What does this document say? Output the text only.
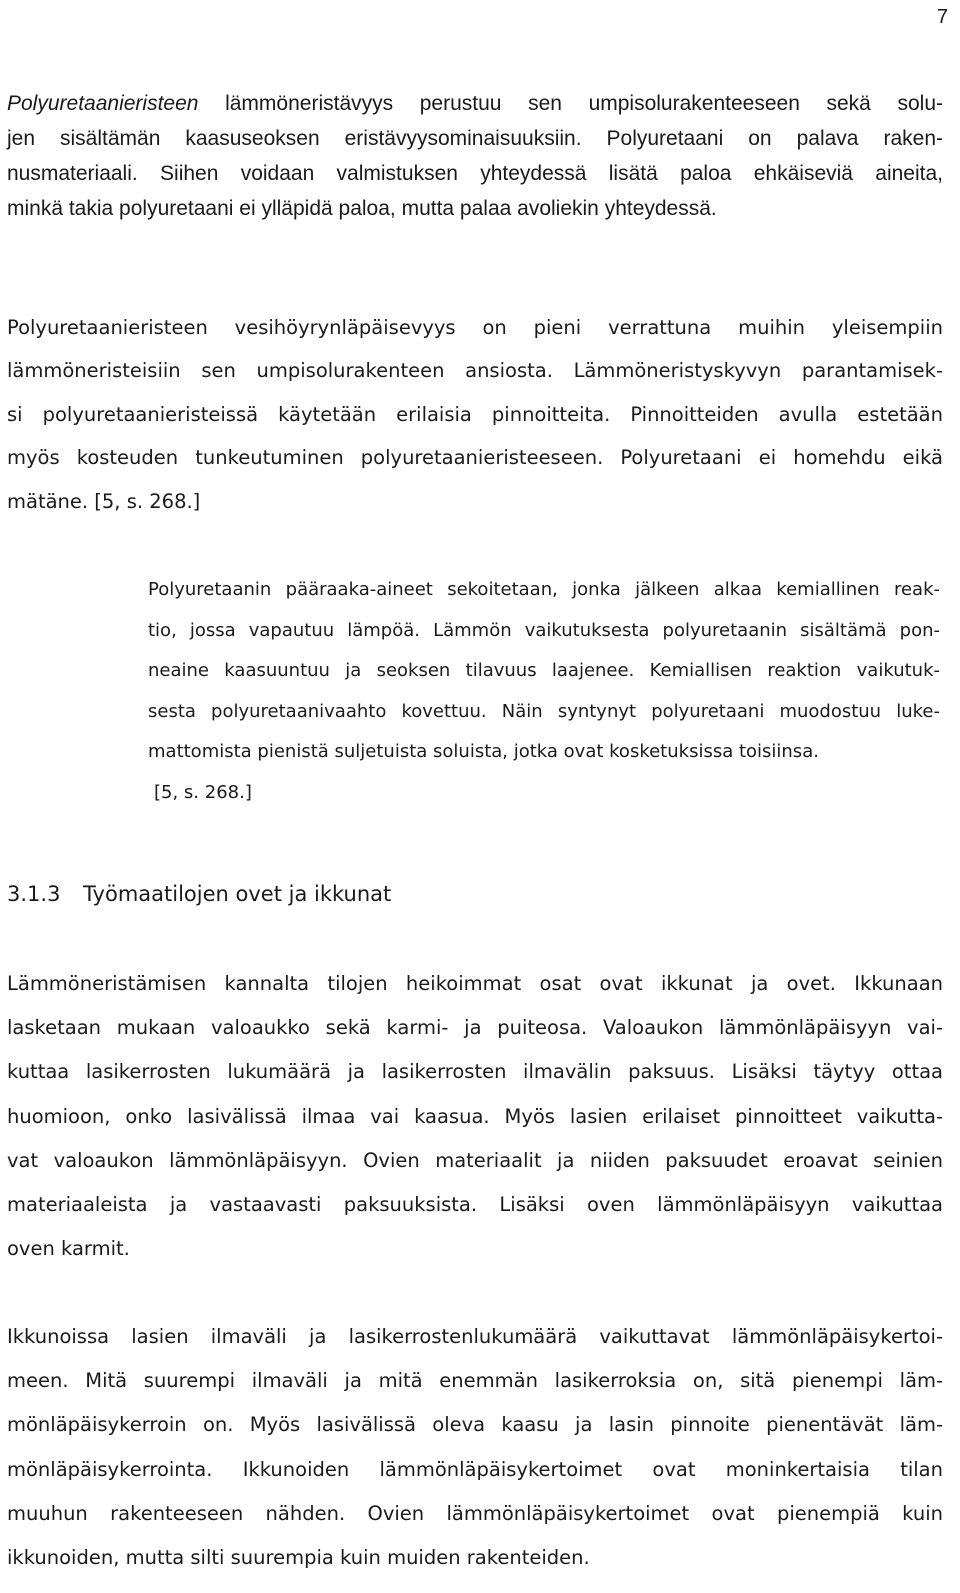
7
Polyuretaanieristeen lämmöneristävyys perustuu sen umpisolurakenteeseen sekä solu-
jen sisältämän kaasuseoksen eristävyysominaisuuksiin. Polyuretaani on palava raken-
nusmateriaali. Siihen voidaan valmistuksen yhteydessä lisätä paloa ehkäiseviä aineita,
minkä takia polyuretaani ei ylläpidä paloa, mutta palaa avoliekin yhteydessä.
Polyuretaanieristeen vesihöyrynläpäisevyys on pieni verrattuna muihin yleisempiin
lämmöneristeisiin sen umpisolurakenteen ansiosta. Lämmöneristyskyvyn parantamisek-
si polyuretaanieristeissä käytetään erilaisia pinnoitteita. Pinnoitteiden avulla estetään
myös kosteuden tunkeutuminen polyuretaanieristeeseen. Polyuretaani ei homehdu eikä
mätäne. [5, s. 268.]
Polyuretaanin pääraaka-aineet sekoitetaan, jonka jälkeen alkaa kemiallinen reak-
tio, jossa vapautuu lämpöä. Lämmön vaikutuksesta polyuretaanin sisältämä pon-
neaine kaasuuntuu ja seoksen tilavuus laajenee. Kemiallisen reaktion vaikutuk-
sesta polyuretaanivaahto kovettuu. Näin syntynyt polyuretaani muodostuu luke-
mattomista pienistä suljetuista soluista, jotka ovat kosketuksissa toisiinsa.
[5, s. 268.]
3.1.3 Työmaatilojen ovet ja ikkunat
Lämmöneristämisen kannalta tilojen heikoimmat osat ovat ikkunat ja ovet. Ikkunaan
lasketaan mukaan valoaukko sekä karmi- ja puiteosa. Valoaukon lämmönläpäisyyn vai-
kuttaa lasikerrosten lukumäärä ja lasikerrosten ilmavälin paksuus. Lisäksi täytyy ottaa
huomioon, onko lasivälissä ilmaa vai kaasua. Myös lasien erilaiset pinnoitteet vaikutta-
vat valoaukon lämmönläpäisyyn. Ovien materiaalit ja niiden paksuudet eroavat seinien
materiaaleista ja vastaavasti paksuuksista. Lisäksi oven lämmönläpäisyyn vaikuttaa
oven karmit.
Ikkunoissa lasien ilmaväli ja lasikerrostenlukumäärä vaikuttavat lämmönläpäisykertoi-
meen. Mitä suurempi ilmaväli ja mitä enemmän lasikerroksia on, sitä pienempi läm-
mönläpäisykerroin on. Myös lasivälissä oleva kaasu ja lasin pinnoite pienentävät läm-
mönläpäisykerrointa. Ikkunoiden lämmönläpäisykertoimet ovat moninkertaisia tilan
muuhun rakenteeseen nähden. Ovien lämmönläpäisykertoimet ovat pienempiä kuin
ikkunoiden, mutta silti suurempia kuin muiden rakenteiden.
